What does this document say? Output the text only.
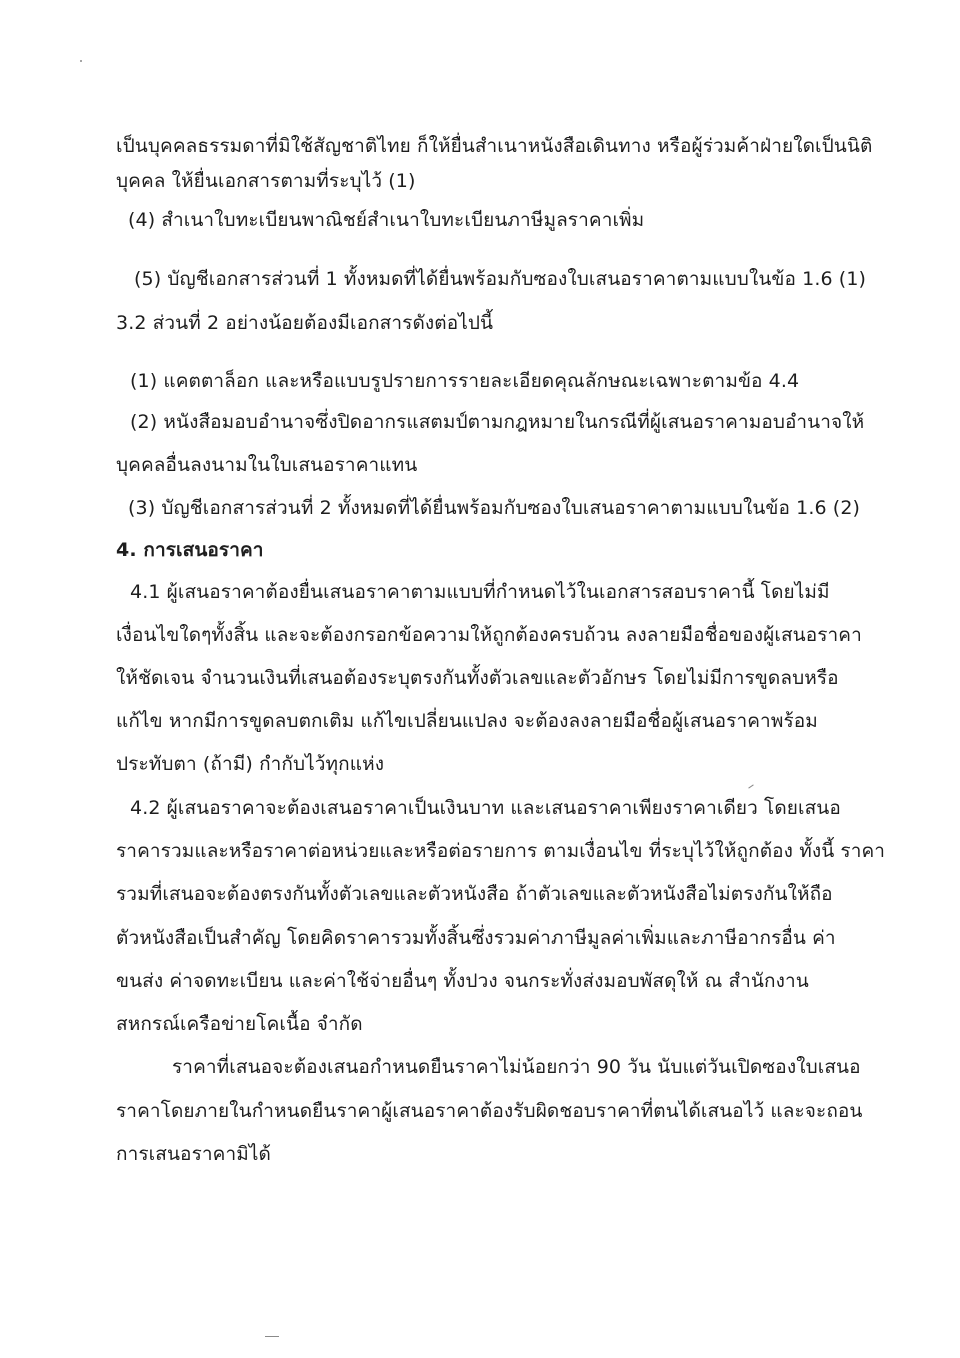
เป็นบุคคลธรรมดาที่มิใช้สัญชาติไทย ก็ให้ยื่นสำเนาหนังสือเดินทาง หรือผู้ร่วมค้าฝ่ายใดเป็นนิติ
บุคคล ให้ยื่นเอกสารตามที่ระบุไว้ (1)
(4) สำเนาใบทะเบียนพาณิชย์สำเนาใบทะเบียนภาษีมูลราคาเพิ่ม
(5) บัญชีเอกสารส่วนที่ 1 ทั้งหมดที่ได้ยื่นพร้อมกับซองใบเสนอราคาตามแบบในข้อ 1.6 (1)
3.2 ส่วนที่ 2 อย่างน้อยต้องมีเอกสารดังต่อไปนี้
(1) แคตตาล็อก และหรือแบบรูปรายการรายละเอียดคุณลักษณะเฉพาะตามข้อ 4.4
(2) หนังสือมอบอำนาจซึ่งปิดอากรแสตมป์ตามกฎหมายในกรณีที่ผู้เสนอราคามอบอำนาจให้
บุคคลอื่นลงนามในใบเสนอราคาแทน
(3) บัญชีเอกสารส่วนที่ 2 ทั้งหมดที่ได้ยื่นพร้อมกับซองใบเสนอราคาตามแบบในข้อ 1.6 (2)
4. การเสนอราคา
4.1 ผู้เสนอราคาต้องยื่นเสนอราคาตามแบบที่กำหนดไว้ในเอกสารสอบราคานี้ โดยไม่มี
เงื่อนไขใดๆทั้งสิ้น และจะต้องกรอกข้อความให้ถูกต้องครบถ้วน ลงลายมือชื่อของผู้เสนอราคา
ให้ชัดเจน จำนวนเงินที่เสนอต้องระบุตรงกันทั้งตัวเลขและตัวอักษร โดยไม่มีการขูดลบหรือ
แก้ไข หากมีการขูดลบตกเติม แก้ไขเปลี่ยนแปลง จะต้องลงลายมือชื่อผู้เสนอราคาพร้อม
ประทับตา (ถ้ามี) กำกับไว้ทุกแห่ง
4.2 ผู้เสนอราคาจะต้องเสนอราคาเป็นเงินบาท และเสนอราคาเพียงราคาเดียว โดยเสนอ
ราคารวมและหรือราคาต่อหน่วยและหรือต่อรายการ ตามเงื่อนไข ที่ระบุไว้ให้ถูกต้อง ทั้งนี้ ราคา
รวมที่เสนอจะต้องตรงกันทั้งตัวเลขและตัวหนังสือ ถ้าตัวเลขและตัวหนังสือไม่ตรงกันให้ถือ
ตัวหนังสือเป็นสำคัญ โดยคิดราคารวมทั้งสิ้นซึ่งรวมค่าภาษีมูลค่าเพิ่มและภาษีอากรอื่น ค่า
ขนส่ง ค่าจดทะเบียน และค่าใช้จ่ายอื่นๆ ทั้งปวง จนกระทั่งส่งมอบพัสดุให้ ณ สำนักงาน
สหกรณ์เครือข่ายโคเนื้อ จำกัด
ราคาที่เสนอจะต้องเสนอกำหนดยืนราคาไม่น้อยกว่า 90 วัน นับแต่วันเปิดซองใบเสนอ
ราคาโดยภายในกำหนดยืนราคาผู้เสนอราคาต้องรับผิดชอบราคาที่ตนได้เสนอไว้ และจะถอน
การเสนอราคามิได้
